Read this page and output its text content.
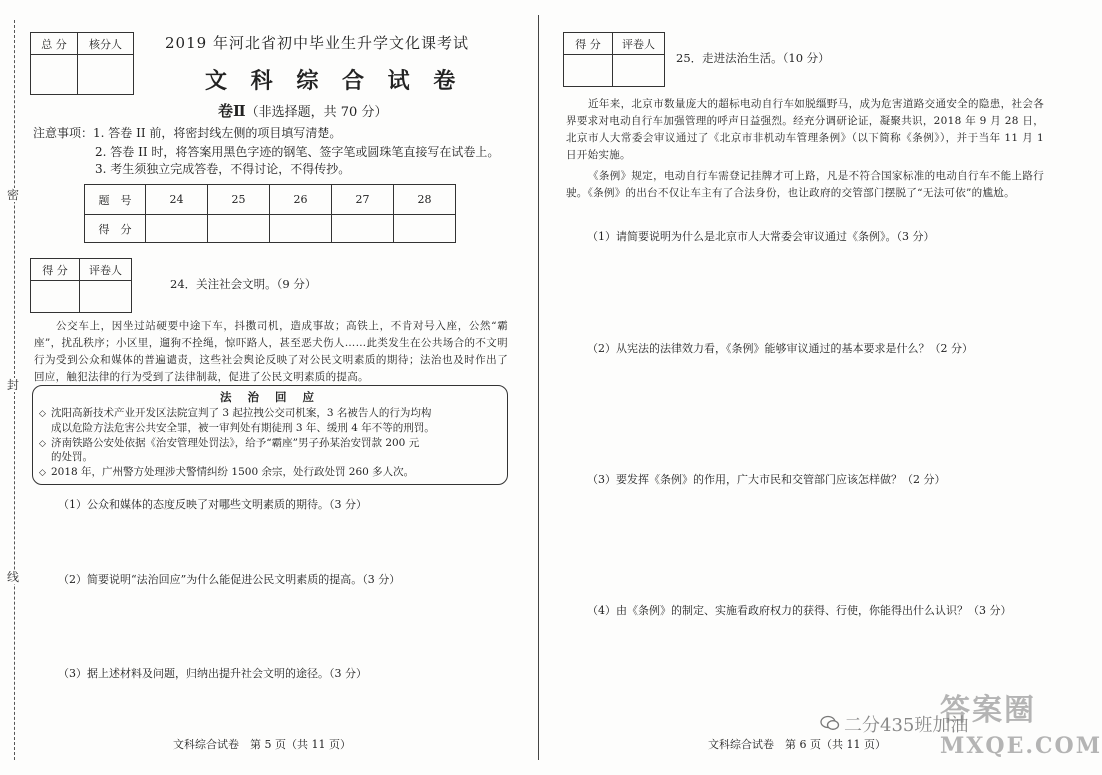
密
封
线
总 分	核分人
		2019 年河北省初中毕业生升学文化课考试
文 科 综 合 试 卷
卷Ⅱ（非选择题，共 70 分）
注意事项：1. 答卷 II 前，将密封线左侧的项目填写清楚。
2. 答卷 II 时，将答案用黑色字迹的钢笔、签字笔或圆珠笔直接写在试卷上。
3. 考生须独立完成答卷，不得讨论，不得传抄。
题　号	24	25	26	27	28
得　分					
得 分	评卷人

24．关注社会文明。（9 分）
公交车上，因坐过站硬要中途下车，抖擞司机，造成事故；高铁上，不肯对号入座，公然“霸座”，扰乱秩序；小区里，遛狗不拴绳，惊吓路人，甚至恶犬伤人……此类发生在公共场合的不文明行为受到公众和媒体的普遍谴责，这些社会舆论反映了对公民文明素质的期待；法治也及时作出了回应，触犯法律的行为受到了法律制裁，促进了公民文明素质的提高。
法 治 回 应
◇ 沈阳高新技术产业开发区法院宣判了 3 起拉拽公交司机案，3 名被告人的行为均构
成以危险方法危害公共安全罪，被一审判处有期徒刑 3 年、缓刑 4 年不等的刑罚。
◇ 济南铁路公安处依据《治安管理处罚法》，给予“霸座”男子孙某治安罚款 200 元
的处罚。
◇ 2018 年，广州警方处理涉犬警情纠纷 1500 余宗，处行政处罚 260 多人次。
（1）公众和媒体的态度反映了对哪些文明素质的期待。（3 分）
（2）简要说明“法治回应”为什么能促进公民文明素质的提高。（3 分）
（3）据上述材料及问题，归纳出提升社会文明的途径。（3 分）
文科综合试卷　第 5 页（共 11 页）
得 分	评卷人

25．走进法治生活。（10 分）
近年来，北京市数量庞大的超标电动自行车如脱缰野马，成为危害道路交通安全的隐患，社会各界要求对电动自行车加强管理的呼声日益强烈。经充分调研论证，凝聚共识，2018 年 9 月 28 日，北京市人大常委会审议通过了《北京市非机动车管理条例》（以下简称《条例》），并于当年 11 月 1 日开始实施。
《条例》规定，电动自行车需登记挂牌才可上路，凡是不符合国家标准的电动自行车不能上路行驶。《条例》的出台不仅让车主有了合法身份，也让政府的交管部门摆脱了“无法可依”的尴尬。
（1）请简要说明为什么是北京市人大常委会审议通过《条例》。（3 分）
（2）从宪法的法律效力看，《条例》能够审议通过的基本要求是什么？（2 分）
（3）要发挥《条例》的作用，广大市民和交管部门应该怎样做？（2 分）
（4）由《条例》的制定、实施看政府权力的获得、行使，你能得出什么认识？（3 分）
文科综合试卷　第 6 页（共 11 页）
二分435班加油
答案圈
MXQE.COM
